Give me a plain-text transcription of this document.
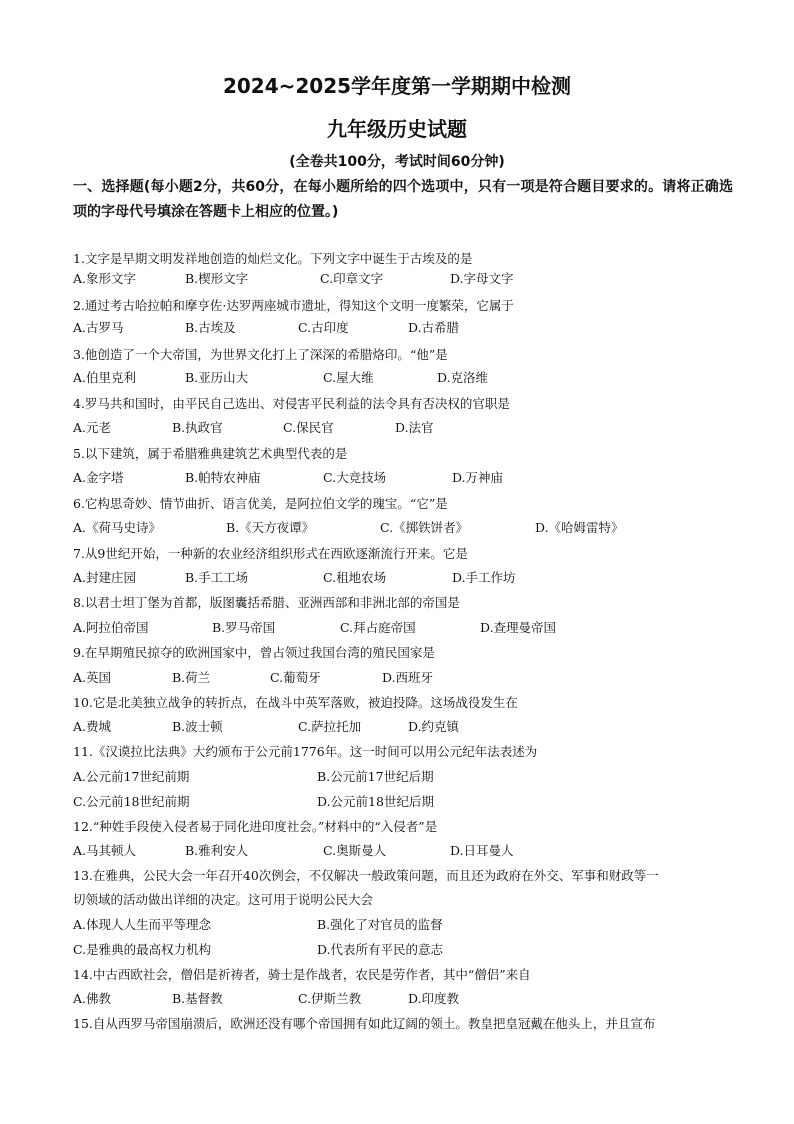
2024~2025学年度第一学期期中检测
九年级历史试题
(全卷共100分，考试时间60分钟)
一、选择题(每小题2分，共60分，在每小题所给的四个选项中，只有一项是符合题目要求的。请将正确选项的字母代号填涂在答题卡上相应的位置。)
1.文字是早期文明发祥地创造的灿烂文化。下列文字中诞生于古埃及的是
A.象形文字	B.楔形文字	C.印章文字	D.字母文字
2.通过考古哈拉帕和摩亨佐·达罗两座城市遗址，得知这个文明一度繁荣，它属于
A.古罗马	B.古埃及	C.古印度	D.古希腊
3.他创造了一个大帝国，为世界文化打上了深深的希腊烙印。“他”是
A.伯里克利	B.亚历山大	C.屋大维	D.克洛维
4.罗马共和国时，由平民自己选出、对侵害平民利益的法令具有否决权的官职是
A.元老	B.执政官	C.保民官	D.法官
5.以下建筑，属于希腊雅典建筑艺术典型代表的是
A.金字塔	B.帕特农神庙	C.大竞技场	D.万神庙
6.它构思奇妙、情节曲折、语言优美，是阿拉伯文学的瑰宝。“它”是
A.《荷马史诗》	B.《天方夜谭》	C.《掷铁饼者》	D.《哈姆雷特》
7.从9世纪开始，一种新的农业经济组织形式在西欧逐渐流行开来。它是
A.封建庄园	B.手工工场	C.租地农场	D.手工作坊
8.以君士坦丁堡为首都，版图囊括希腊、亚洲西部和非洲北部的帝国是
A.阿拉伯帝国	B.罗马帝国	C.拜占庭帝国	D.查理曼帝国
9.在早期殖民掠夺的欧洲国家中，曾占领过我国台湾的殖民国家是
A.英国	B.荷兰	C.葡萄牙	D.西班牙
10.它是北美独立战争的转折点，在战斗中英军落败，被迫投降。这场战役发生在
A.费城	B.波士顿	C.萨拉托加	D.约克镇
11.《汉谟拉比法典》大约颁布于公元前1776年。这一时间可以用公元纪年法表述为
A.公元前17世纪前期	B.公元前17世纪后期
C.公元前18世纪前期	D.公元前18世纪后期
12.“种姓手段使入侵者易于同化进印度社会。”材料中的“入侵者”是
A.马其顿人	B.雅利安人	C.奥斯曼人	D.日耳曼人
13.在雅典，公民大会一年召开40次例会，不仅解决一般政策问题，而且还为政府在外交、军事和财政等一
切领域的活动做出详细的决定。这可用于说明公民大会
A.体现人人生而平等理念	B.强化了对官员的监督
C.是雅典的最高权力机构	D.代表所有平民的意志
14.中古西欧社会，僧侣是祈祷者，骑士是作战者，农民是劳作者，其中“僧侣”来自
A.佛教	B.基督教	C.伊斯兰教	D.印度教
15.自从西罗马帝国崩溃后，欧洲还没有哪个帝国拥有如此辽阔的领土。教皇把皇冠戴在他头上，并且宣布
